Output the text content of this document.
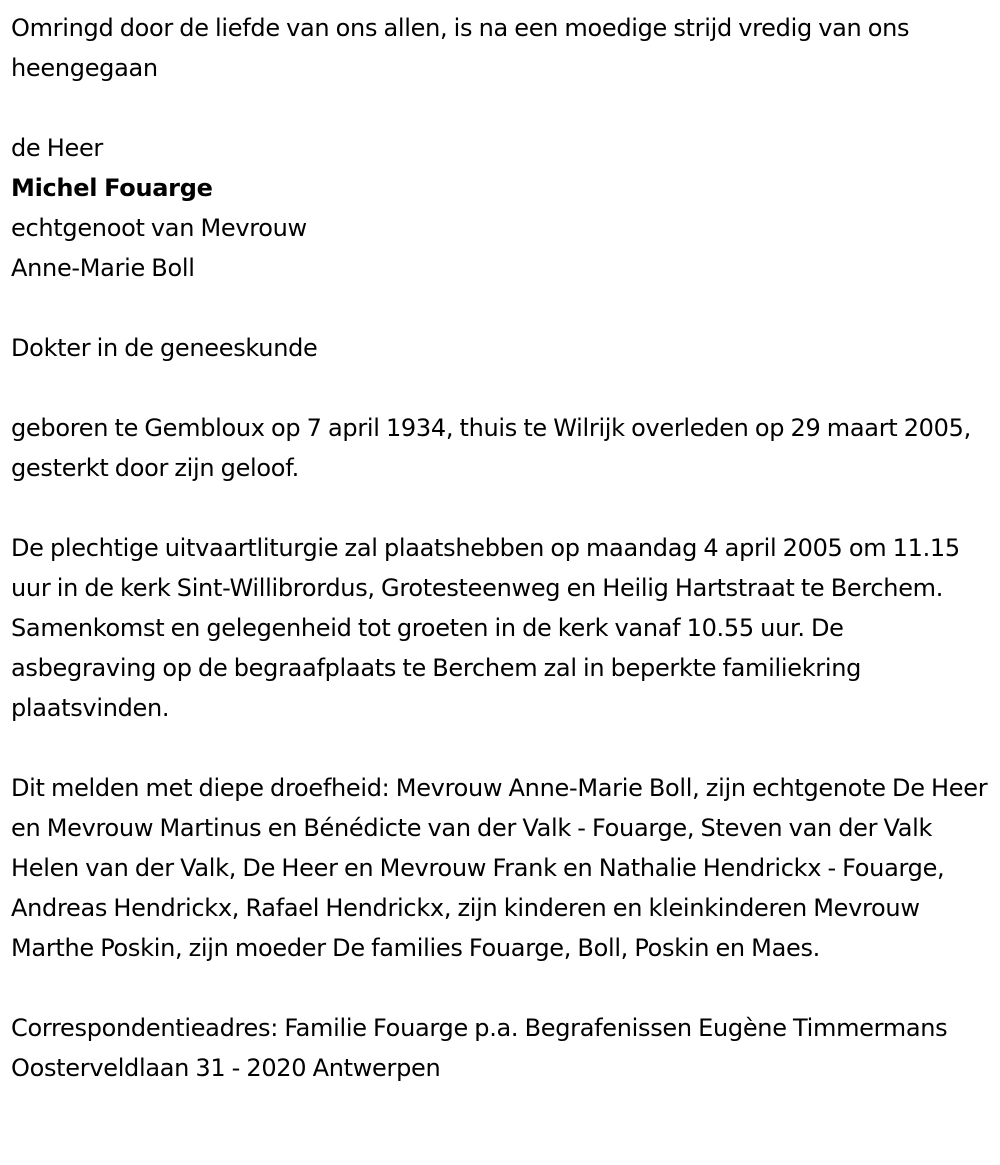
Omringd door de liefde van ons allen, is na een moedige strijd vredig van ons heengegaan

de Heer

Michel Fouarge

echtgenoot van Mevrouw

Anne-Marie Boll

Dokter in de geneeskunde

geboren te Gembloux op 7 april 1934, thuis te Wilrijk overleden op 29 maart 2005, gesterkt door zijn geloof.

De plechtige uitvaartliturgie zal plaatshebben op maandag 4 april 2005 om 11.15 uur in de kerk Sint-Willibrordus, Grotesteenweg en Heilig Hartstraat te Berchem. Samenkomst en gelegenheid tot groeten in de kerk vanaf 10.55 uur. De asbegraving op de begraafplaats te Berchem zal in beperkte familiekring plaatsvinden.

Dit melden met diepe droefheid: Mevrouw Anne-Marie Boll, zijn echtgenote De Heer en Mevrouw Martinus en Bénédicte van der Valk - Fouarge, Steven van der Valk Helen van der Valk, De Heer en Mevrouw Frank en Nathalie Hendrickx - Fouarge, Andreas Hendrickx, Rafael Hendrickx, zijn kinderen en kleinkinderen Mevrouw Marthe Poskin, zijn moeder De families Fouarge, Boll, Poskin en Maes.

Correspondentieadres: Familie Fouarge p.a. Begrafenissen Eugène Timmermans Oosterveldlaan 31 - 2020 Antwerpen
